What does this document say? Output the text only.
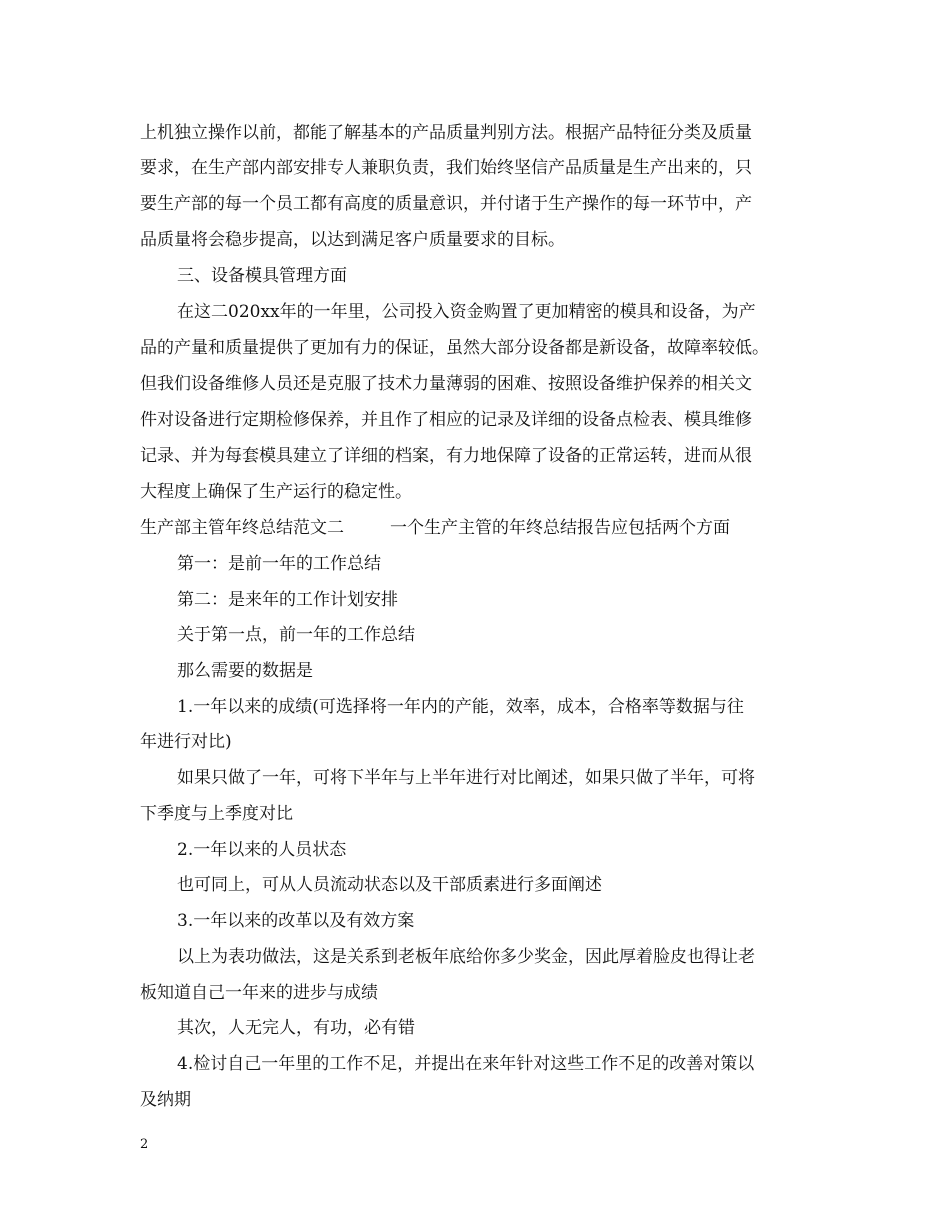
上机独立操作以前，都能了解基本的产品质量判别方法。根据产品特征分类及质量
要求，在生产部内部安排专人兼职负责，我们始终坚信产品质量是生产出来的，只
要生产部的每一个员工都有高度的质量意识，并付诸于生产操作的每一环节中，产
品质量将会稳步提高，以达到满足客户质量要求的目标。
三、设备模具管理方面
在这二020xx年的一年里，公司投入资金购置了更加精密的模具和设备，为产
品的产量和质量提供了更加有力的保证，虽然大部分设备都是新设备，故障率较低。
但我们设备维修人员还是克服了技术力量薄弱的困难、按照设备维护保养的相关文
件对设备进行定期检修保养，并且作了相应的记录及详细的设备点检表、模具维修
记录、并为每套模具建立了详细的档案，有力地保障了设备的正常运转，进而从很
大程度上确保了生产运行的稳定性。
生产部主管年终总结范文二	一个生产主管的年终总结报告应包括两个方面
第一：是前一年的工作总结
第二：是来年的工作计划安排
关于第一点，前一年的工作总结
那么需要的数据是
1.一年以来的成绩(可选择将一年内的产能，效率，成本，合格率等数据与往
年进行对比)
如果只做了一年，可将下半年与上半年进行对比阐述，如果只做了半年，可将
下季度与上季度对比
2.一年以来的人员状态
也可同上，可从人员流动状态以及干部质素进行多面阐述
3.一年以来的改革以及有效方案
以上为表功做法，这是关系到老板年底给你多少奖金，因此厚着脸皮也得让老
板知道自己一年来的进步与成绩
其次，人无完人，有功，必有错
4.检讨自己一年里的工作不足，并提出在来年针对这些工作不足的改善对策以
及纳期
2
